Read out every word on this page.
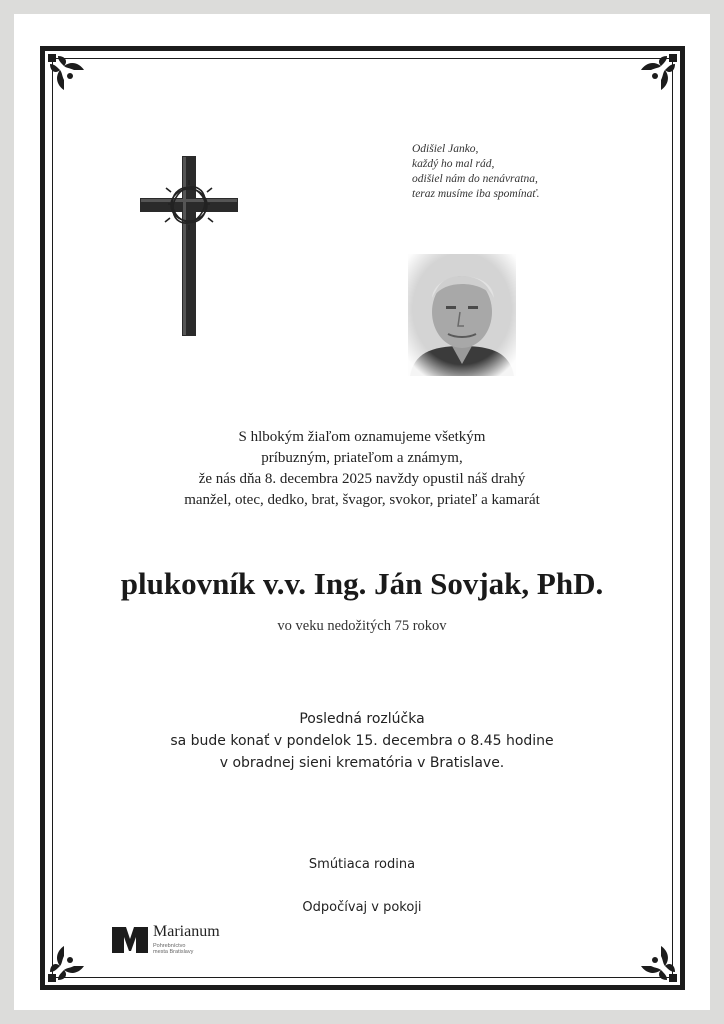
Odišiel Janko,
každý ho mal rád,
odišiel nám do nenávratna,
teraz musíme iba spomínať.
S hlbokým žiaľom oznamujeme všetkým
príbuzným, priateľom a známym,
že nás dňa 8. decembra 2025 navždy opustil náš drahý
manžel, otec, dedko, brat, švagor, svokor, priateľ a kamarát
plukovník v.v. Ing. Ján Sovjak, PhD.
vo veku nedožitých 75 rokov
Posledná rozlúčka
sa bude konať v pondelok 15. decembra o 8.45 hodine
v obradnej sieni krematória v Bratislave.
Smútiaca rodina
Odpočívaj v pokoji
Marianum
Pohrebníctvo
mesta Bratislavy
